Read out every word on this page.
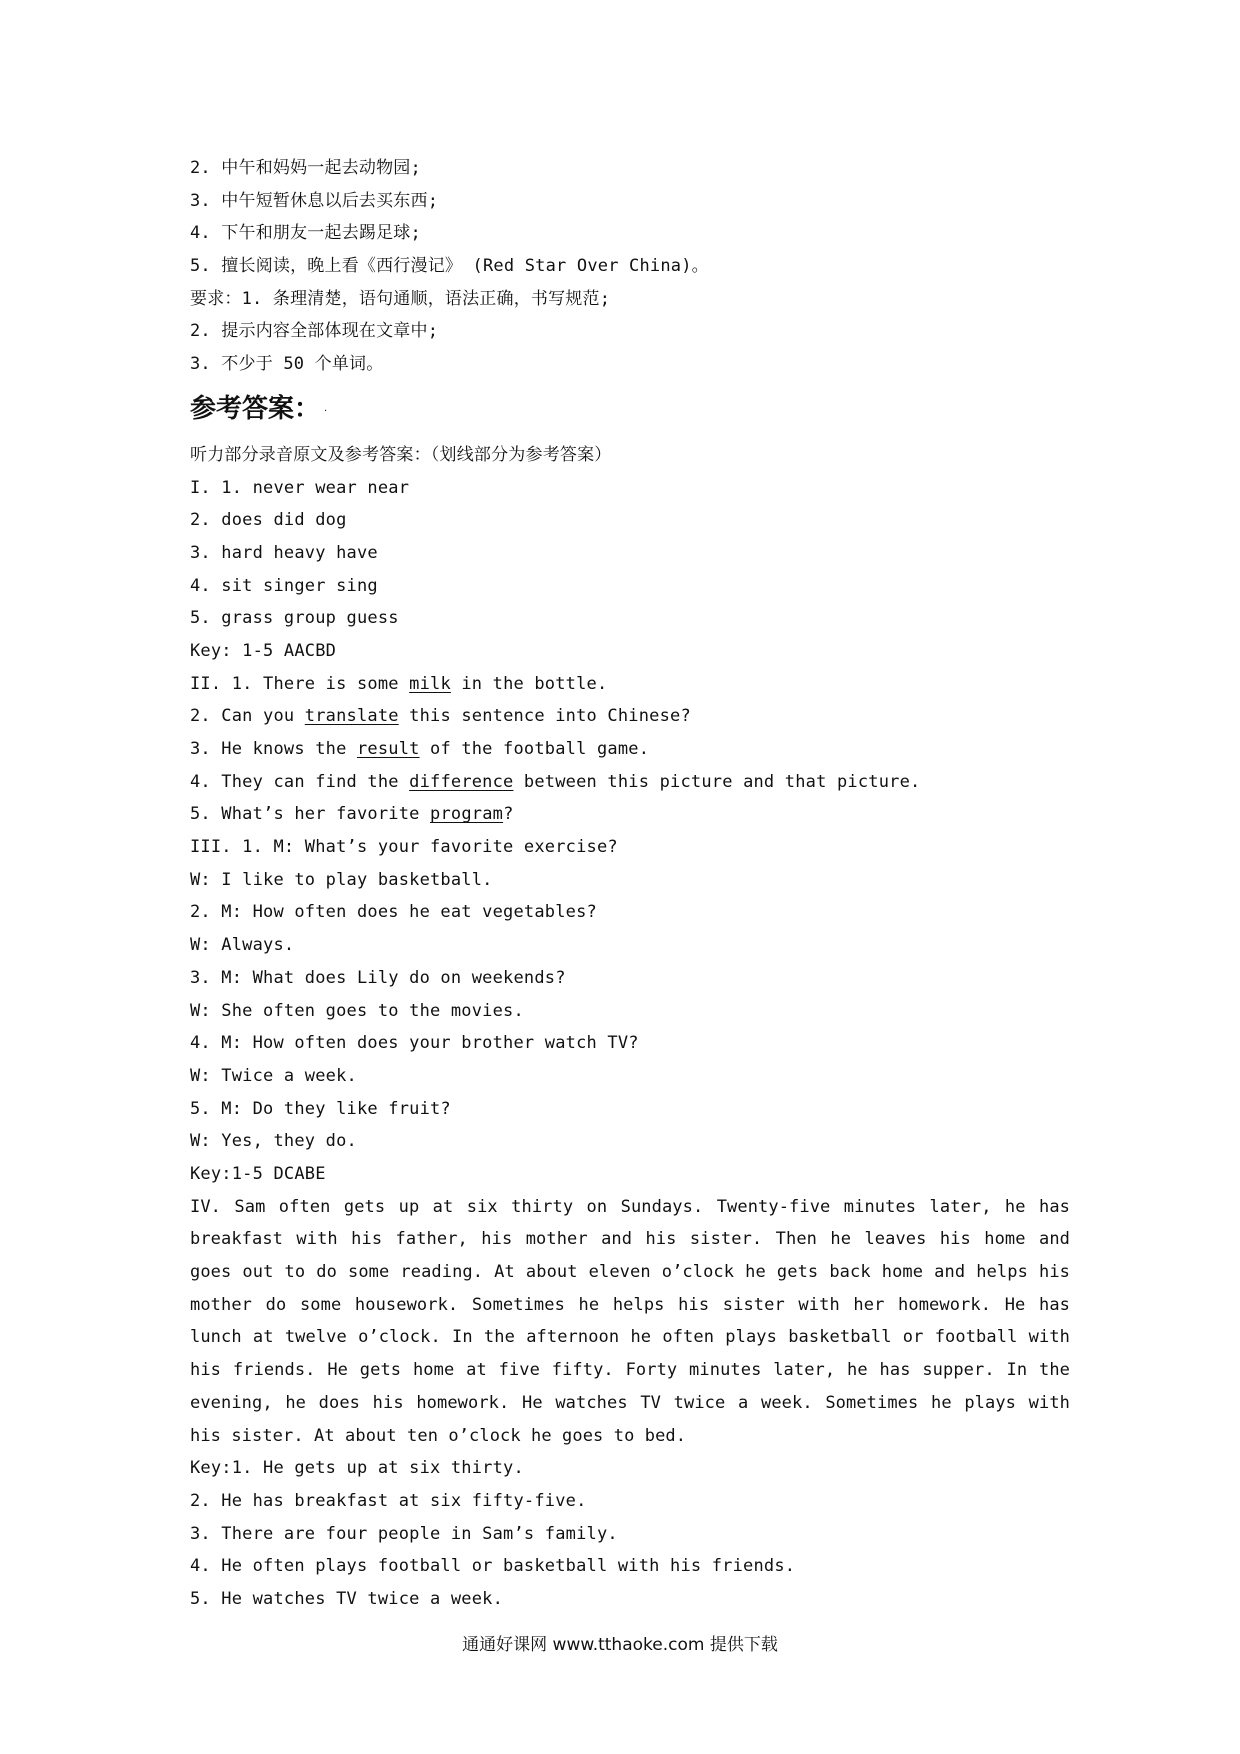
2. 中午和妈妈一起去动物园;
3. 中午短暂休息以后去买东西;
4. 下午和朋友一起去踢足球;
5. 擅长阅读，晚上看《西行漫记》 (Red Star Over China)。
要求：1. 条理清楚，语句通顺，语法正确，书写规范;
2. 提示内容全部体现在文章中;
3. 不少于 50 个单词。
参考答案： .
听力部分录音原文及参考答案：（划线部分为参考答案）
I. 1. never wear near
2. does did dog
3. hard heavy have
4. sit singer sing
5. grass group guess
Key: 1-5 AACBD
II. 1. There is some milk in the bottle.
2. Can you translate this sentence into Chinese?
3. He knows the result of the football game.
4. They can find the difference between this picture and that picture.
5. What’s her favorite program?
III. 1. M: What’s your favorite exercise?
W: I like to play basketball.
2. M: How often does he eat vegetables?
W: Always.
3. M: What does Lily do on weekends?
W: She often goes to the movies.
4. M: How often does your brother watch TV?
W: Twice a week.
5. M: Do they like fruit?
W: Yes, they do.
Key:1-5 DCABE
IV. Sam often gets up at six thirty on Sundays. Twenty-five minutes later, he has breakfast with his father, his mother and his sister. Then he leaves his home and goes out to do some reading. At about eleven o’clock he gets back home and helps his mother do some housework. Sometimes he helps his sister with her homework. He has lunch at twelve o’clock. In the afternoon he often plays basketball or football with his friends. He gets home at five fifty. Forty minutes later, he has supper. In the evening, he does his homework. He watches TV twice a week. Sometimes he plays with his sister. At about ten o’clock he goes to bed.
Key:1. He gets up at six thirty.
2. He has breakfast at six fifty-five.
3. There are four people in Sam’s family.
4. He often plays football or basketball with his friends.
5. He watches TV twice a week.
通通好课网 www.tthaoke.com 提供下载
